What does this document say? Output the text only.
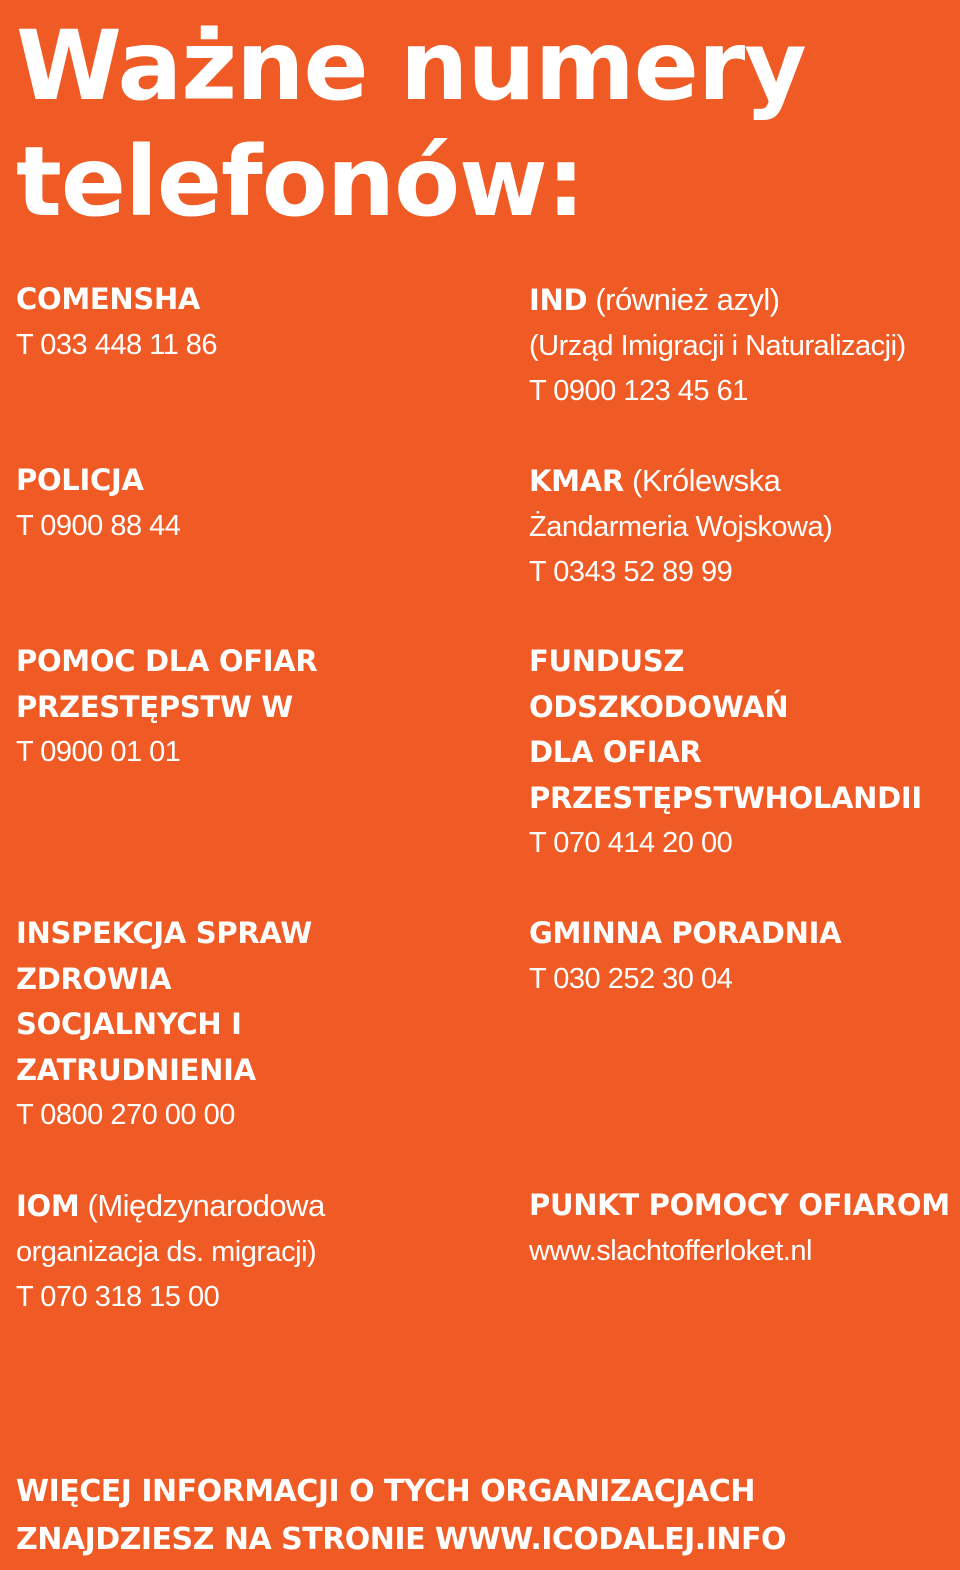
Ważne numery
telefonów:
COMENSHA
T 033 448 11 86
POLICJA
T 0900 88 44
POMOC DLA OFIAR
PRZESTĘPSTW W
T 0900 01 01
INSPEKCJA SPRAW
ZDROWIA
SOCJALNYCH I
ZATRUDNIENIA
T 0800 270 00 00
IOM (Międzynarodowa
organizacja ds. migracji)
T 070 318 15 00
IND (również azyl)
(Urząd Imigracji i Naturalizacji)
T 0900 123 45 61
KMAR (Królewska
Żandarmeria Wojskowa)
T 0343 52 89 99
FUNDUSZ
ODSZKODOWAŃ
DLA OFIAR
PRZESTĘPSTWHOLANDII
T 070 414 20 00
GMINNA PORADNIA
T 030 252 30 04
PUNKT POMOCY OFIAROM
www.slachtofferloket.nl
WIĘCEJ INFORMACJI O TYCH ORGANIZACJACH
ZNAJDZIESZ NA STRONIE WWW.ICODALEJ.INFO
